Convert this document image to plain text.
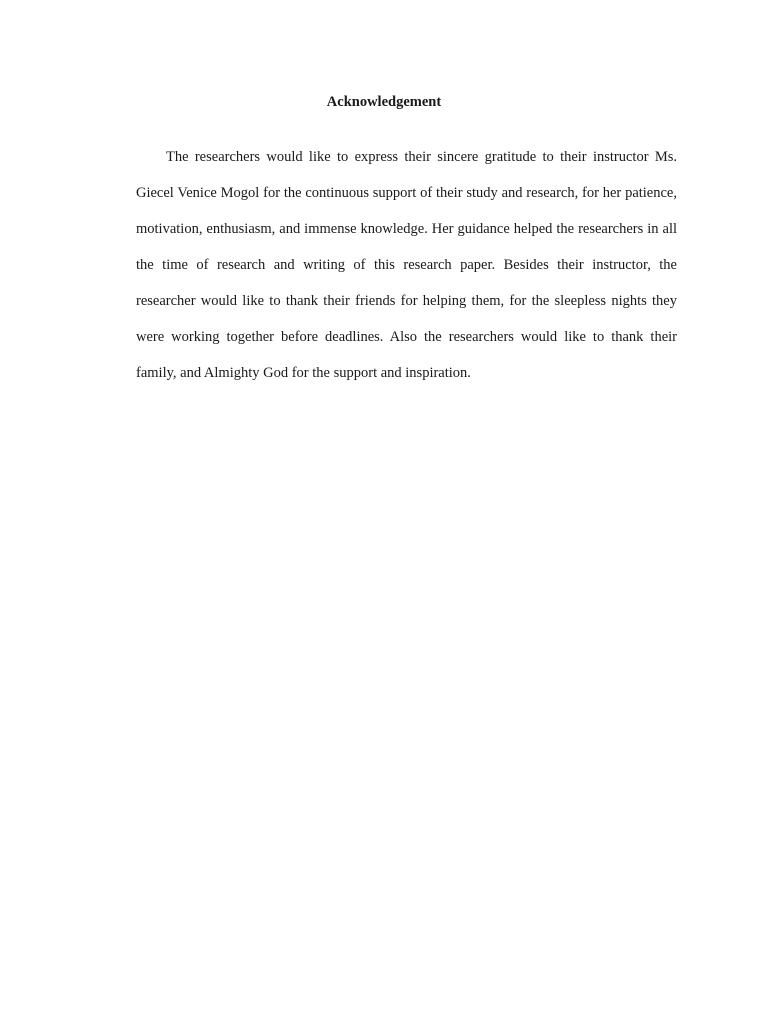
Acknowledgement

The researchers would like to express their sincere gratitude to their instructor Ms. Giecel Venice Mogol for the continuous support of their study and research, for her patience, motivation, enthusiasm, and immense knowledge. Her guidance helped the researchers in all the time of research and writing of this research paper. Besides their instructor, the researcher would like to thank their friends for helping them, for the sleepless nights they were working together before deadlines. Also the researchers would like to thank their family, and Almighty God for the support and inspiration.
